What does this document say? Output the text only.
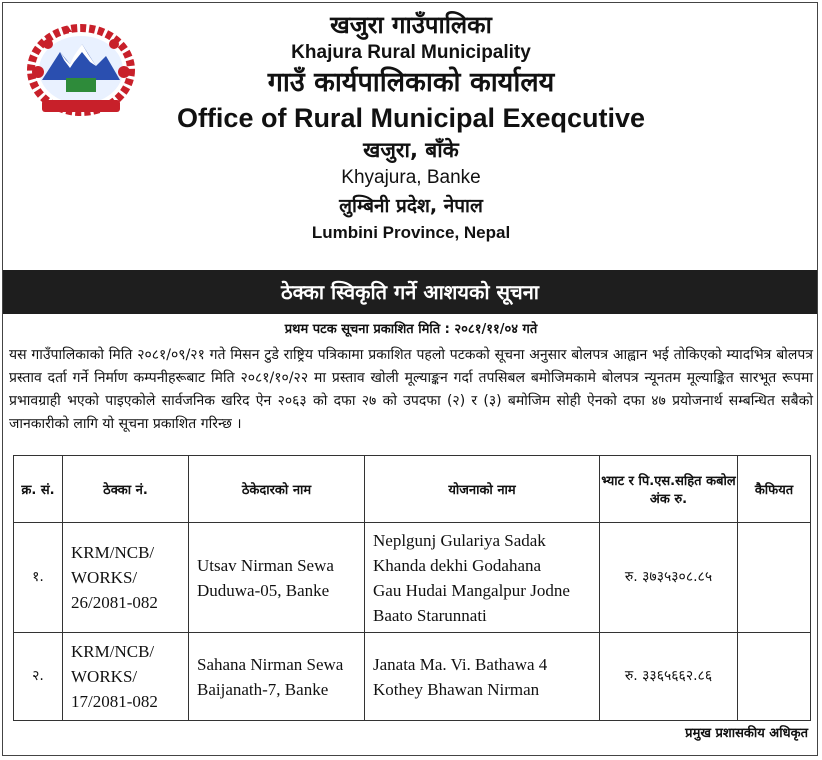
खजुरा गाउँपालिका
Khajura Rural Municipality
गाउँ कार्यपालिकाको कार्यालय
Office of Rural Municipal Exeqcutive
खजुरा, बाँके
Khyajura, Banke
लुम्बिनी प्रदेश, नेपाल
Lumbini Province, Nepal
ठेक्का स्विकृति गर्ने आशयको सूचना
प्रथम पटक सूचना प्रकाशित मिति : २०८१/११/०४ गते
यस गाउँपालिकाको मिति २०८१/०९/२१ गते मिसन टुडे राष्ट्रिय पत्रिकामा प्रकाशित पहलो पटकको सूचना अनुसार बोलपत्र आह्वान भई तोकिएको म्यादभित्र बोलपत्र प्रस्ताव दर्ता गर्ने निर्माण कम्पनीहरूबाट मिति २०८१/१०/२२ मा प्रस्ताव खोली मूल्याङ्कन गर्दा तपसिबल बमोजिमकामे बोलपत्र न्यूनतम मूल्याङ्कित सारभूत रूपमा प्रभावग्राही भएको पाइएकोले सार्वजनिक खरिद ऐन २०६३ को दफा २७ को उपदफा (२) र (३) बमोजिम सोही ऐनको दफा ४७ प्रयोजनार्थ सम्बन्धित सबैको जानकारीको लागि यो सूचना प्रकाशित गरिन्छ ।
क्र. सं.	ठेक्का नं.	ठेकेदारको नाम	योजनाको नाम	भ्याट र पि.एस.सहित कबोल अंक रु.	कैफियत
१.	KRM/NCB/
WORKS/
26/2081-082	Utsav Nirman Sewa
Duduwa-05, Banke	Neplgunj Gulariya Sadak
Khanda dekhi Godahana
Gau Hudai Mangalpur Jodne
Baato Starunnati	रु. ३७३५३०८.८५	
२.	KRM/NCB/
WORKS/
17/2081-082	Sahana Nirman Sewa
Baijanath-7, Banke	Janata Ma. Vi. Bathawa 4
Kothey Bhawan Nirman	रु. ३३६५६६२.८६	
प्रमुख प्रशासकीय अधिकृत
